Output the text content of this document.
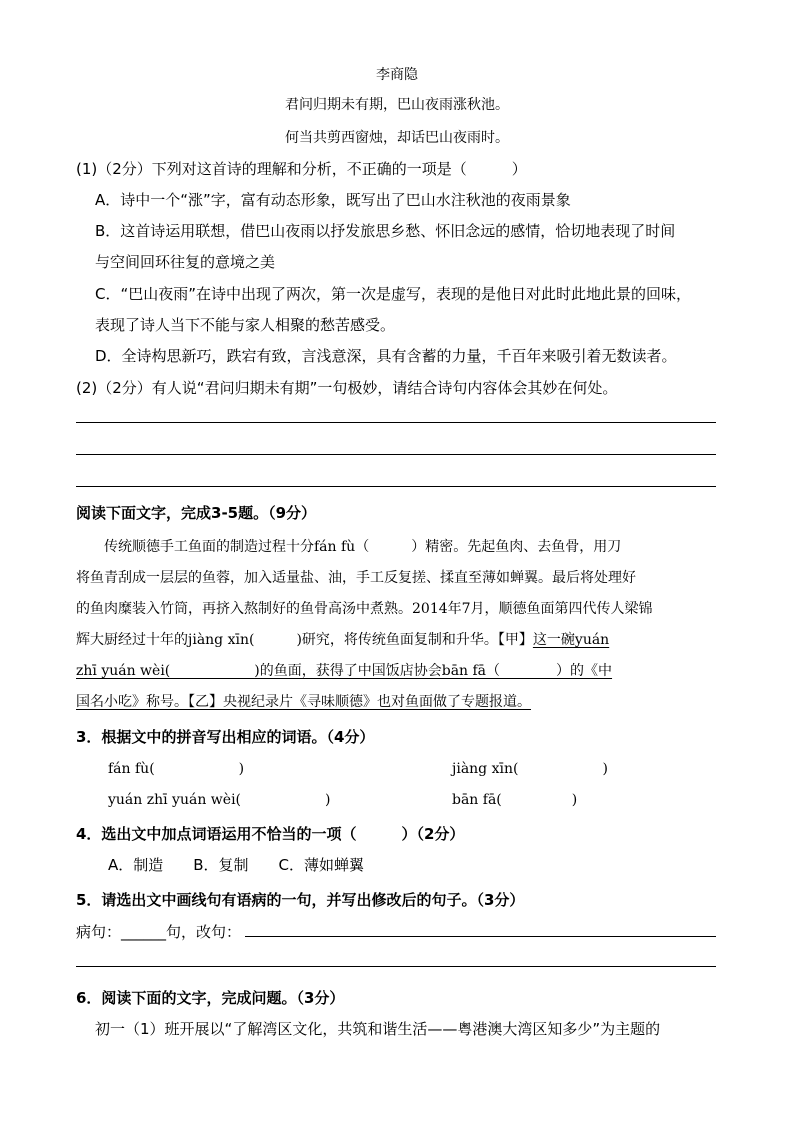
李商隐
君问归期未有期，巴山夜雨涨秋池。
何当共剪西窗烛，却话巴山夜雨时。
(1)（2分）下列对这首诗的理解和分析，不正确的一项是（　　　）
A．诗中一个“涨”字，富有动态形象，既写出了巴山水注秋池的夜雨景象
B．这首诗运用联想，借巴山夜雨以抒发旅思乡愁、怀旧念远的感情，恰切地表现了时间
与空间回环往复的意境之美
C．“巴山夜雨”在诗中出现了两次，第一次是虚写，表现的是他日对此时此地此景的回味，
表现了诗人当下不能与家人相聚的愁苦感受。
D．全诗构思新巧，跌宕有致，言浅意深，具有含蓄的力量，千百年来吸引着无数读者。
(2)（2分）有人说“君问归期未有期”一句极妙，请结合诗句内容体会其妙在何处。
阅读下面文字，完成3-5题。（9分）
　　传统顺德手工鱼面的制造过程十分fán fù（　　　）精密。先起鱼肉、去鱼骨，用刀
将鱼青刮成一层层的鱼蓉，加入适量盐、油，手工反复搓、揉直至薄如蝉翼。最后将处理好
的鱼肉糜装入竹筒，再挤入熬制好的鱼骨高汤中煮熟。2014年7月，顺德鱼面第四代传人梁锦
辉大厨经过十年的jiàng xīn(　　　)研究，将传统鱼面复制和升华。【甲】这一碗yuán
zhī yuán wèi(　　　　　　)的鱼面，获得了中国饭店协会bān fā（　　　　）的《中
国名小吃》称号。【乙】央视纪录片《寻味顺德》也对鱼面做了专题报道。
3．根据文中的拼音写出相应的词语。（4分）
fán fù(　　　　　　)	jiàng xīn(　　　　　　)
yuán zhī yuán wèi(　　　　　　)	bān fā(　　　　　)
4．选出文中加点词语运用不恰当的一项（　　　）（2分）
A．制造　　B．复制　　C．薄如蝉翼
5．请选出文中画线句有语病的一句，并写出修改后的句子。（3分）
病句：______句，改句：
6．阅读下面的文字，完成问题。（3分）
初一（1）班开展以“了解湾区文化，共筑和谐生活——粤港澳大湾区知多少”为主题的
